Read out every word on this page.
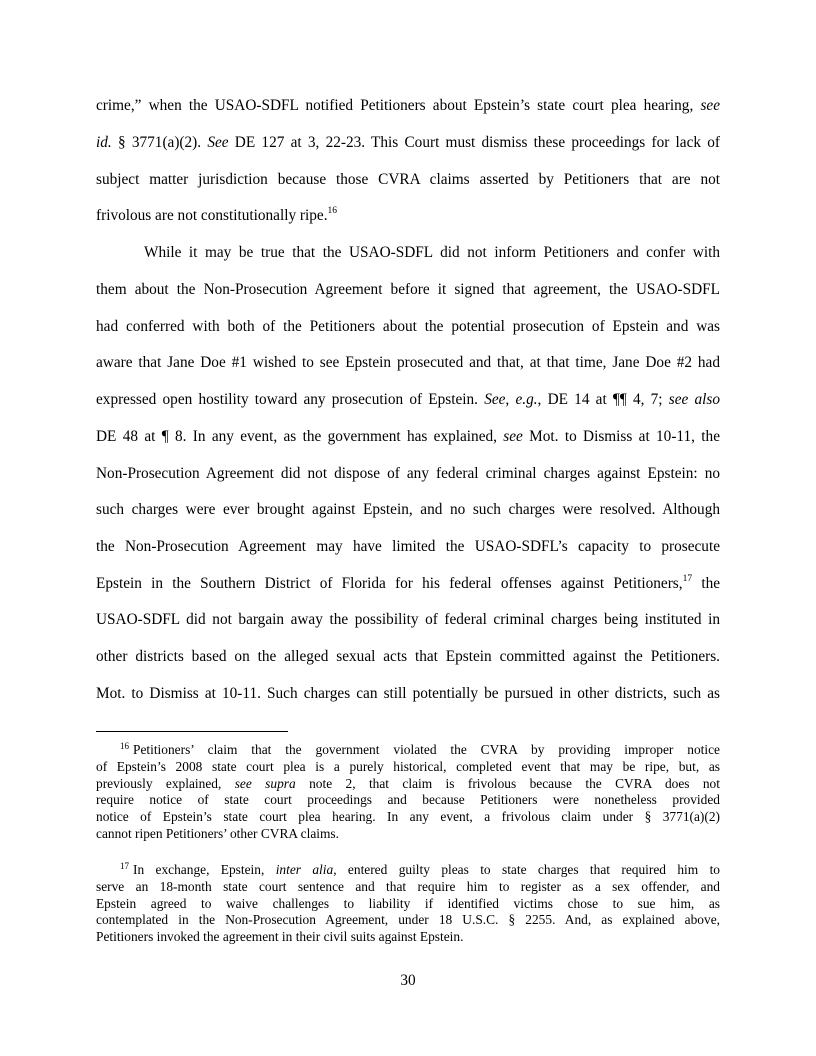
crime,” when the USAO-SDFL notified Petitioners about Epstein’s state court plea hearing, see
id. § 3771(a)(2). See DE 127 at 3, 22-23. This Court must dismiss these proceedings for lack of
subject matter jurisdiction because those CVRA claims asserted by Petitioners that are not
frivolous are not constitutionally ripe.$^{16}$
While it may be true that the USAO-SDFL did not inform Petitioners and confer with
them about the Non-Prosecution Agreement before it signed that agreement, the USAO-SDFL
had conferred with both of the Petitioners about the potential prosecution of Epstein and was
aware that Jane Doe #1 wished to see Epstein prosecuted and that, at that time, Jane Doe #2 had
expressed open hostility toward any prosecution of Epstein. See, e.g., DE 14 at ¶¶ 4, 7; see also
DE 48 at ¶ 8. In any event, as the government has explained, see Mot. to Dismiss at 10-11, the
Non-Prosecution Agreement did not dispose of any federal criminal charges against Epstein: no
such charges were ever brought against Epstein, and no such charges were resolved. Although
the Non-Prosecution Agreement may have limited the USAO-SDFL’s capacity to prosecute
Epstein in the Southern District of Florida for his federal offenses against Petitioners,$^{17}$ the
USAO-SDFL did not bargain away the possibility of federal criminal charges being instituted in
other districts based on the alleged sexual acts that Epstein committed against the Petitioners.
Mot. to Dismiss at 10-11. Such charges can still potentially be pursued in other districts, such as
$^{16}$ Petitioners’ claim that the government violated the CVRA by providing improper notice
of Epstein’s 2008 state court plea is a purely historical, completed event that may be ripe, but, as
previously explained, see supra note 2, that claim is frivolous because the CVRA does not
require notice of state court proceedings and because Petitioners were nonetheless provided
notice of Epstein’s state court plea hearing. In any event, a frivolous claim under § 3771(a)(2)
cannot ripen Petitioners’ other CVRA claims.
$^{17}$ In exchange, Epstein, inter alia, entered guilty pleas to state charges that required him to
serve an 18-month state court sentence and that require him to register as a sex offender, and
Epstein agreed to waive challenges to liability if identified victims chose to sue him, as
contemplated in the Non-Prosecution Agreement, under 18 U.S.C. § 2255. And, as explained above,
Petitioners invoked the agreement in their civil suits against Epstein.
30
